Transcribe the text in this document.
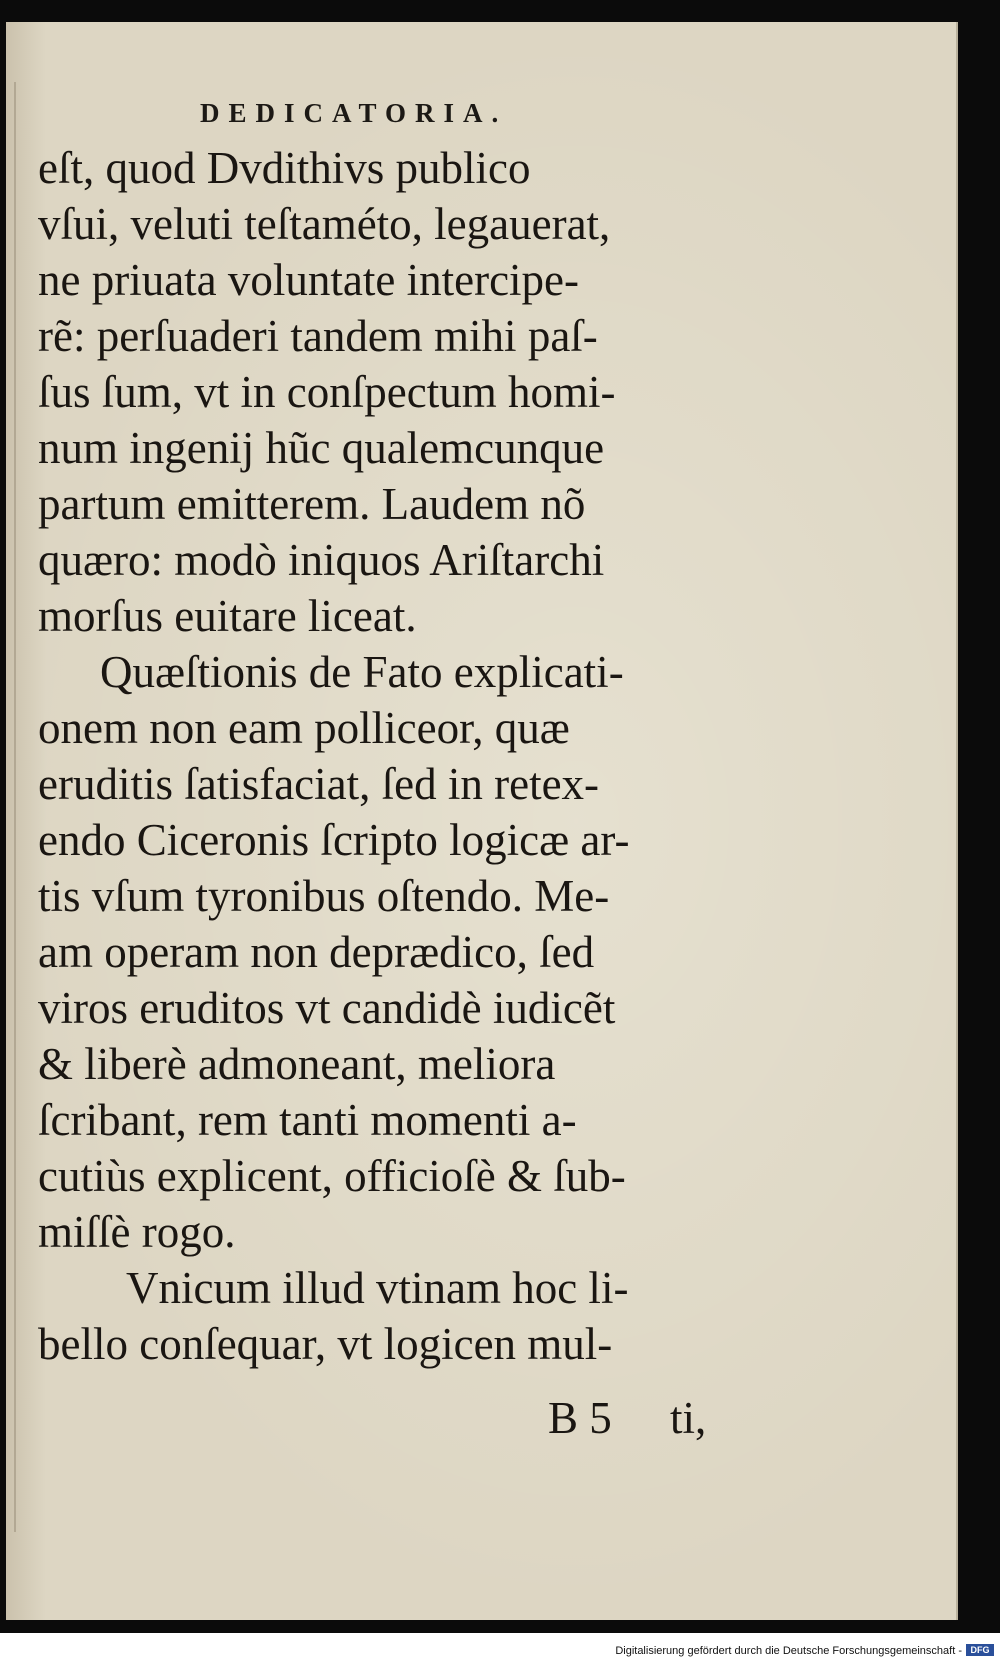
DEDICATORIA.
eſt, quod Dvdithivs publico
vſui, veluti teſtaméto, legauerat,
ne priuata voluntate intercipe-
rẽ: perſuaderi tandem mihi paſ-
ſus ſum, vt in conſpectum homi-
num ingenij hũc qualemcunque
partum emitterem. Laudem nõ
quæro: modò iniquos Ariſtarchi
morſus euitare liceat.
Quæſtionis de Fato explicati-
onem non eam polliceor, quæ
eruditis ſatisfaciat, ſed in retex-
endo Ciceronis ſcripto logicæ ar-
tis vſum tyronibus oſtendo. Me-
am operam non deprædico, ſed
viros eruditos vt candidè iudicẽt
& liberè admoneant, meliora
ſcribant, rem tanti momenti a-
cutiùs explicent, officioſè & ſub-
miſſè rogo.
Vnicum illud vtinam hoc li-
bello conſequar, vt logicen mul-
B 5 ti,
Digitalisierung gefördert durch die Deutsche Forschungsgemeinschaft - DFG
